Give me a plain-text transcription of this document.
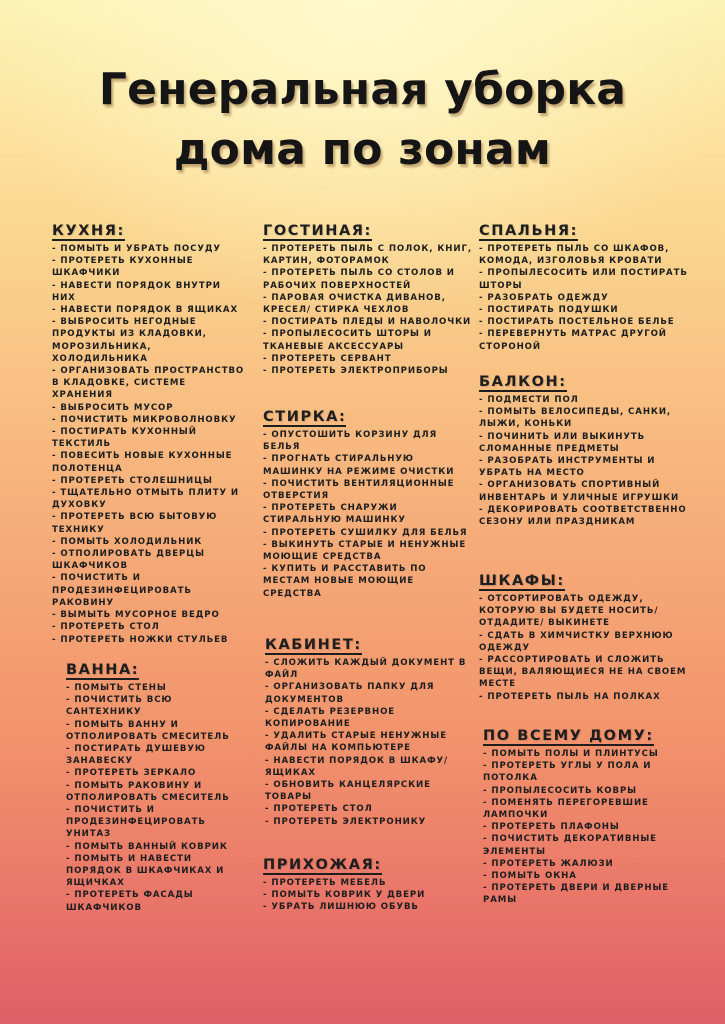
Генеральная уборка
дома по зонам
КУХНЯ:
- ПОМЫТЬ И УБРАТЬ ПОСУДУ
- ПРОТЕРЕТЬ КУХОННЫЕ ШКАФЧИКИ
- НАВЕСТИ ПОРЯДОК ВНУТРИ НИХ
- НАВЕСТИ ПОРЯДОК В ЯЩИКАХ
- ВЫБРОСИТЬ НЕГОДНЫЕ ПРОДУКТЫ ИЗ КЛАДОВКИ, МОРОЗИЛЬНИКА, ХОЛОДИЛЬНИКА
- ОРГАНИЗОВАТЬ ПРОСТРАНСТВО В КЛАДОВКЕ, СИСТЕМЕ ХРАНЕНИЯ
- ВЫБРОСИТЬ МУСОР
- ПОЧИСТИТЬ МИКРОВОЛНОВКУ
- ПОСТИРАТЬ КУХОННЫЙ ТЕКСТИЛЬ
- ПОВЕСИТЬ НОВЫЕ КУХОННЫЕ ПОЛОТЕНЦА
- ПРОТЕРЕТЬ СТОЛЕШНИЦЫ
- ТЩАТЕЛЬНО ОТМЫТЬ ПЛИТУ И ДУХОВКУ
- ПРОТЕРЕТЬ ВСЮ БЫТОВУЮ ТЕХНИКУ
- ПОМЫТЬ ХОЛОДИЛЬНИК
- ОТПОЛИРОВАТЬ ДВЕРЦЫ ШКАФЧИКОВ
- ПОЧИСТИТЬ И ПРОДЕЗИНФЕЦИРОВАТЬ РАКОВИНУ
- ВЫМЫТЬ МУСОРНОЕ ВЕДРО
- ПРОТЕРЕТЬ СТОЛ
- ПРОТЕРЕТЬ НОЖКИ СТУЛЬЕВ
ВАННА:
- ПОМЫТЬ СТЕНЫ
- ПОЧИСТИТЬ ВСЮ САНТЕХНИКУ
- ПОМЫТЬ ВАННУ И ОТПОЛИРОВАТЬ СМЕСИТЕЛЬ
- ПОСТИРАТЬ ДУШЕВУЮ ЗАНАВЕСКУ
- ПРОТЕРЕТЬ ЗЕРКАЛО
- ПОМЫТЬ РАКОВИНУ И ОТПОЛИРОВАТЬ СМЕСИТЕЛЬ
- ПОЧИСТИТЬ И ПРОДЕЗИНФЕЦИРОВАТЬ УНИТАЗ
- ПОМЫТЬ ВАННЫЙ КОВРИК
- ПОМЫТЬ И НАВЕСТИ ПОРЯДОК В ШКАФЧИКАХ И ЯЩИЧКАХ
- ПРОТЕРЕТЬ ФАСАДЫ ШКАФЧИКОВ
ГОСТИНАЯ:
- ПРОТЕРЕТЬ ПЫЛЬ С ПОЛОК, КНИГ, КАРТИН, ФОТОРАМОК
- ПРОТЕРЕТЬ ПЫЛЬ СО СТОЛОВ И РАБОЧИХ ПОВЕРХНОСТЕЙ
- ПАРОВАЯ ОЧИСТКА ДИВАНОВ, КРЕСЕЛ/ СТИРКА ЧЕХЛОВ
- ПОСТИРАТЬ ПЛЕДЫ И НАВОЛОЧКИ
- ПРОПЫЛЕСОСИТЬ ШТОРЫ И ТКАНЕВЫЕ АКСЕССУАРЫ
- ПРОТЕРЕТЬ СЕРВАНТ
- ПРОТЕРЕТЬ ЭЛЕКТРОПРИБОРЫ
СТИРКА:
- ОПУСТОШИТЬ КОРЗИНУ ДЛЯ БЕЛЬЯ
- ПРОГНАТЬ СТИРАЛЬНУЮ МАШИНКУ НА РЕЖИМЕ ОЧИСТКИ
- ПОЧИСТИТЬ ВЕНТИЛЯЦИОННЫЕ ОТВЕРСТИЯ
- ПРОТЕРЕТЬ СНАРУЖИ СТИРАЛЬНУЮ МАШИНКУ
- ПРОТЕРЕТЬ СУШИЛКУ ДЛЯ БЕЛЬЯ
- ВЫКИНУТЬ СТАРЫЕ И НЕНУЖНЫЕ МОЮЩИЕ СРЕДСТВА
- КУПИТЬ И РАССТАВИТЬ ПО МЕСТАМ НОВЫЕ МОЮЩИЕ СРЕДСТВА
КАБИНЕТ:
- СЛОЖИТЬ КАЖДЫЙ ДОКУМЕНТ В ФАЙЛ
- ОРГАНИЗОВАТЬ ПАПКУ ДЛЯ ДОКУМЕНТОВ
- СДЕЛАТЬ РЕЗЕРВНОЕ КОПИРОВАНИЕ
- УДАЛИТЬ СТАРЫЕ НЕНУЖНЫЕ ФАЙЛЫ НА КОМПЬЮТЕРЕ
- НАВЕСТИ ПОРЯДОК В ШКАФУ/ ЯЩИКАХ
- ОБНОВИТЬ КАНЦЕЛЯРСКИЕ ТОВАРЫ
- ПРОТЕРЕТЬ СТОЛ
- ПРОТЕРЕТЬ ЭЛЕКТРОНИКУ
ПРИХОЖАЯ:
- ПРОТЕРЕТЬ МЕБЕЛЬ
- ПОМЫТЬ КОВРИК У ДВЕРИ
- УБРАТЬ ЛИШНЮЮ ОБУВЬ
СПАЛЬНЯ:
- ПРОТЕРЕТЬ ПЫЛЬ СО ШКАФОВ, КОМОДА, ИЗГОЛОВЬЯ КРОВАТИ
- ПРОПЫЛЕСОСИТЬ ИЛИ ПОСТИРАТЬ ШТОРЫ
- РАЗОБРАТЬ ОДЕЖДУ
- ПОСТИРАТЬ ПОДУШКИ
- ПОСТИРАТЬ ПОСТЕЛЬНОЕ БЕЛЬЕ
- ПЕРЕВЕРНУТЬ МАТРАС ДРУГОЙ СТОРОНОЙ
БАЛКОН:
- ПОДМЕСТИ ПОЛ
- ПОМЫТЬ ВЕЛОСИПЕДЫ, САНКИ, ЛЫЖИ, КОНЬКИ
- ПОЧИНИТЬ ИЛИ ВЫКИНУТЬ СЛОМАННЫЕ ПРЕДМЕТЫ
- РАЗОБРАТЬ ИНСТРУМЕНТЫ И УБРАТЬ НА МЕСТО
- ОРГАНИЗОВАТЬ СПОРТИВНЫЙ ИНВЕНТАРЬ И УЛИЧНЫЕ ИГРУШКИ
- ДЕКОРИРОВАТЬ СООТВЕТСТВЕННО СЕЗОНУ ИЛИ ПРАЗДНИКАМ
ШКАФЫ:
- ОТСОРТИРОВАТЬ ОДЕЖДУ, КОТОРУЮ ВЫ БУДЕТЕ НОСИТЬ/ ОТДАДИТЕ/ ВЫКИНЕТЕ
- СДАТЬ В ХИМЧИСТКУ ВЕРХНЮЮ ОДЕЖДУ
- РАССОРТИРОВАТЬ И СЛОЖИТЬ ВЕЩИ, ВАЛЯЮЩИЕСЯ НЕ НА СВОЕМ МЕСТЕ
- ПРОТЕРЕТЬ ПЫЛЬ НА ПОЛКАХ
ПО ВСЕМУ ДОМУ:
- ПОМЫТЬ ПОЛЫ И ПЛИНТУСЫ
- ПРОТЕРЕТЬ УГЛЫ У ПОЛА И ПОТОЛКА
- ПРОПЫЛЕСОСИТЬ КОВРЫ
- ПОМЕНЯТЬ ПЕРЕГОРЕВШИЕ ЛАМПОЧКИ
- ПРОТЕРЕТЬ ПЛАФОНЫ
- ПОЧИСТИТЬ ДЕКОРАТИВНЫЕ ЭЛЕМЕНТЫ
- ПРОТЕРЕТЬ ЖАЛЮЗИ
- ПОМЫТЬ ОКНА
- ПРОТЕРЕТЬ ДВЕРИ И ДВЕРНЫЕ РАМЫ
